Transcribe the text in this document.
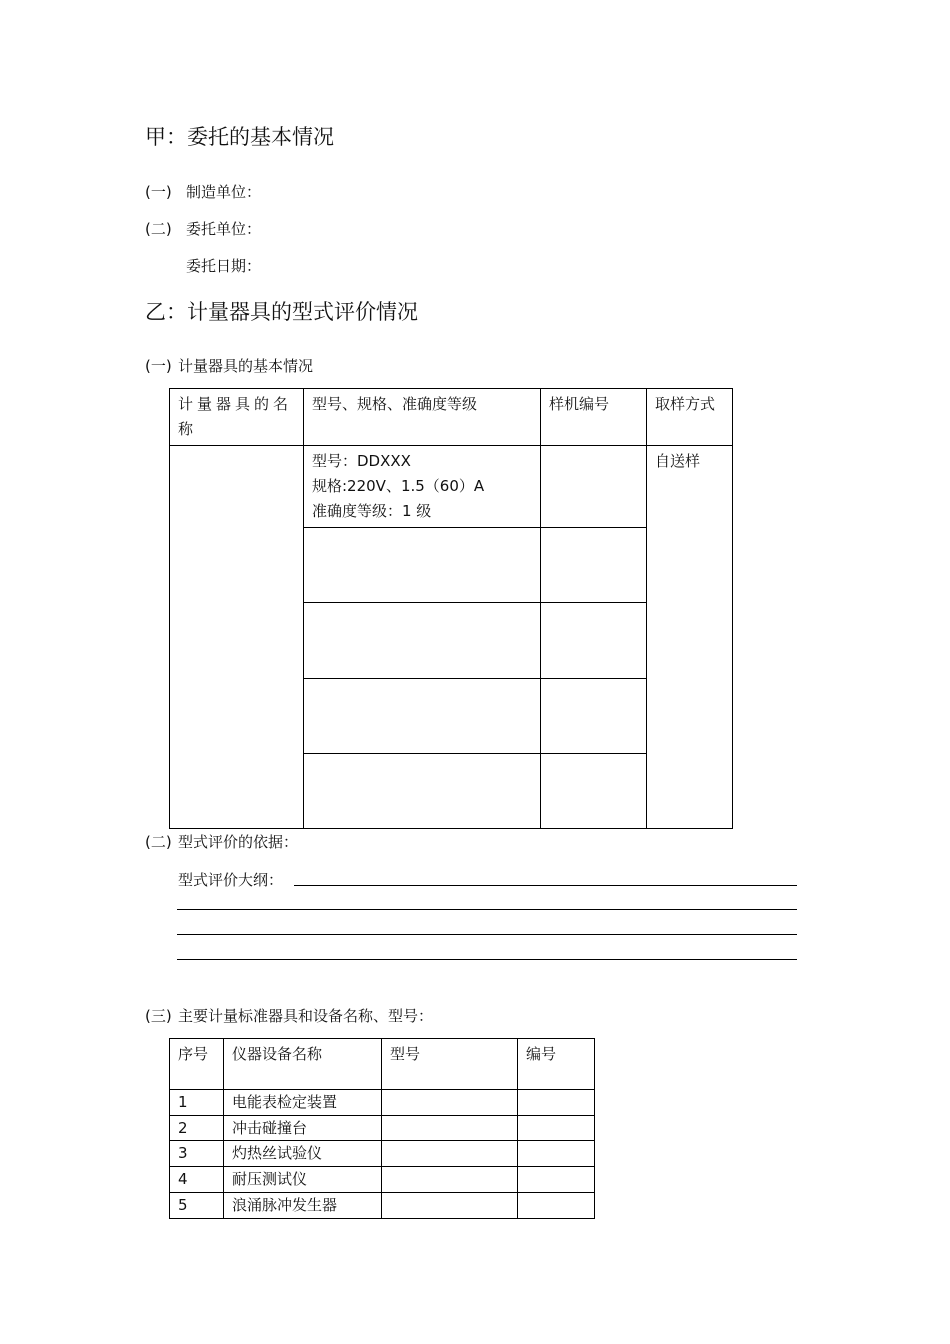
甲：委托的基本情况
(一) 制造单位：
(二) 委托单位：
委托日期：
乙：计量器具的型式评价情况
(一) 计量器具的基本情况
计量器具的名称	型号、规格、准确度等级	样机编号	取样方式

	型号：DDXXX
规格:220V、1.5（60）A
准确度等级：1 级		自送样

(二) 型式评价的依据：
型式评价大纲：
(三) 主要计量标准器具和设备名称、型号：
序号	仪器设备名称	型号	编号
1	电能表检定装置		
2	冲击碰撞台		
3	灼热丝试验仪		
4	耐压测试仪		
5	浪涌脉冲发生器		
